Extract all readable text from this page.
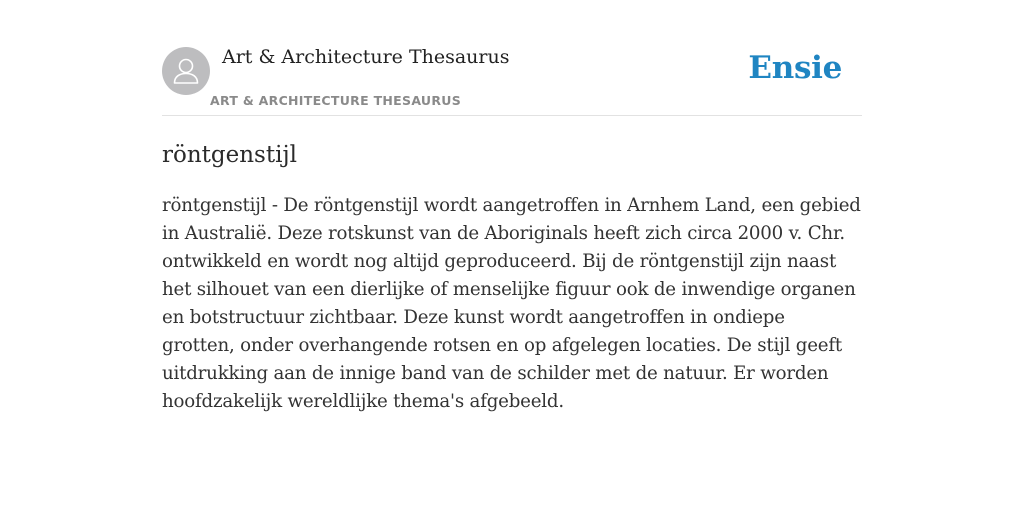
Art & Architecture Thesaurus
ART & ARCHITECTURE THESAURUS
Ensie
röntgenstijl

röntgenstijl - De röntgenstijl wordt aangetroffen in Arnhem Land, een gebied in Australië. Deze rotskunst van de Aboriginals heeft zich circa 2000 v. Chr. ontwikkeld en wordt nog altijd geproduceerd. Bij de röntgenstijl zijn naast het silhouet van een dierlijke of menselijke figuur ook de inwendige organen en botstructuur zichtbaar. Deze kunst wordt aangetroffen in ondiepe grotten, onder overhangende rotsen en op afgelegen locaties. De stijl geeft uitdrukking aan de innige band van de schilder met de natuur. Er worden hoofdzakelijk wereldlijke thema's afgebeeld.
